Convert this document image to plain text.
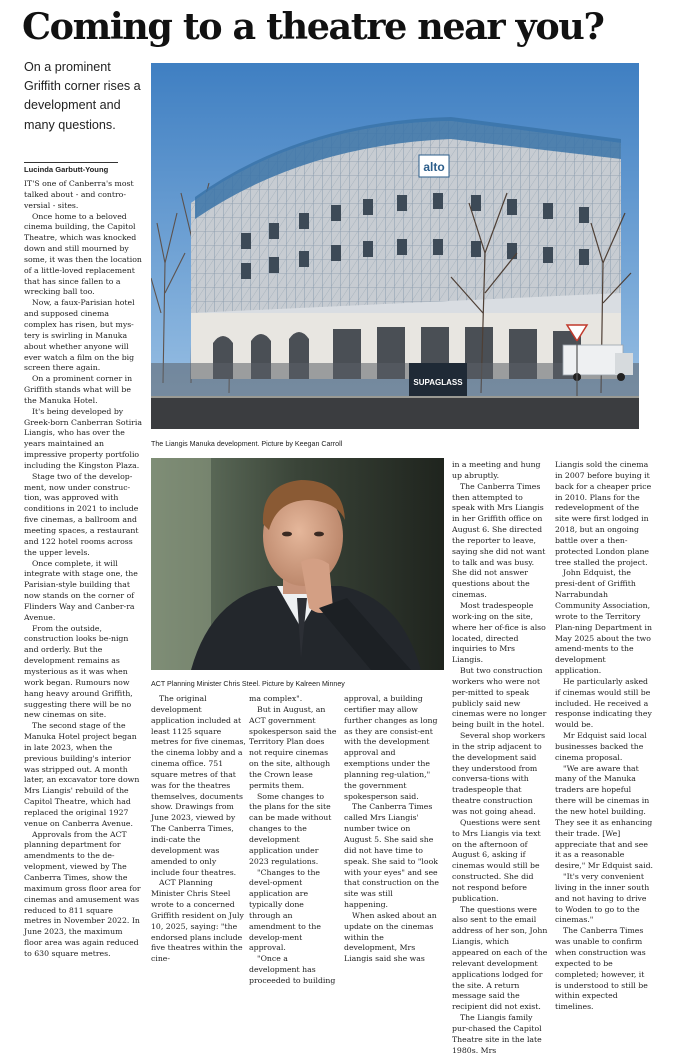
Coming to a theatre near you?
On a prominent Griffith corner rises a development and many questions.
Lucinda Garbutt-Young	alto
SUPAGLASS
The Liangis Manuka development. Picture by Keegan Carroll
ACT Planning Minister Chris Steel. Picture by Kalreen Minney

IT'S one of Canberra's most talked about - and contro-versial - sites.

Once home to a beloved cinema building, the Capitol Theatre, which was knocked down and still mourned by some, it was then the location of a little-loved replacement that has since fallen to a wrecking ball too.

Now, a faux-Parisian hotel and supposed cinema complex has risen, but mys-tery is swirling in Manuka about whether anyone will ever watch a film on the big screen there again.

On a prominent corner in Griffith stands what will be the Manuka Hotel.

It's being developed by Greek-born Canberran Sotiria Liangis, who has over the years maintained an impressive property portfolio including the Kingston Plaza.

Stage two of the develop-ment, now under construc-tion, was approved with conditions in 2021 to include five cinemas, a ballroom and meeting spaces, a restaurant and 122 hotel rooms across the upper levels.

Once complete, it will integrate with stage one, the Parisian-style building that now stands on the corner of Flinders Way and Canber-ra Avenue.

From the outside, construction looks be-nign and orderly. But the development remains as mysterious as it was when work began. Rumours now hang heavy around Griffith, suggesting there will be no new cinemas on site.

The second stage of the Manuka Hotel project began in late 2023, when the previous building's interior was stripped out. A month later, an excavator tore down Mrs Liangis' rebuild of the Capitol Theatre, which had replaced the original 1927 venue on Canberra Avenue.

Approvals from the ACT planning department for amendments to the de-velopment, viewed by The Canberra Times, show the maximum gross floor area for cinemas and amusement was reduced to 811 square metres in November 2022. In June 2023, the maximum floor area was again reduced to 630 square metres.

The original development application included at least 1125 square metres for five cinemas, the cinema lobby and a cinema office. 751 square metres of that was for the theatres themselves, documents show. Drawings from June 2023, viewed by The Canberra Times, indi-cate the development was amended to only include four theatres.

ACT Planning Minister Chris Steel wrote to a concerned Griffith resident on July 10, 2025, saying: "the endorsed plans include five theatres within the cine-

ma complex".

But in August, an ACT government spokesperson said the Territory Plan does not require cinemas on the site, although the Crown lease permits them.

Some changes to the plans for the site can be made without changes to the development application under 2023 regulations.

"Changes to the devel-opment application are typically done through an amendment to the develop-ment approval.

"Once a development has proceeded to building

approval, a building certifier may allow further changes as long as they are consist-ent with the development approval and exemptions under the planning reg-ulation," the government spokesperson said.

The Canberra Times called Mrs Liangis' number twice on August 5. She said she did not have time to speak. She said to "look with your eyes" and see that construction on the site was still happening.

When asked about an update on the cinemas within the development, Mrs Liangis said she was

in a meeting and hung up abruptly.

The Canberra Times then attempted to speak with Mrs Liangis in her Griffith office on August 6. She directed the reporter to leave, saying she did not want to talk and was busy. She did not answer questions about the cinemas.

Most tradespeople work-ing on the site, where her of-fice is also located, directed inquiries to Mrs Liangis.

But two construction workers who were not per-mitted to speak publicly said new cinemas were no longer being built in the hotel.

Several shop workers in the strip adjacent to the development said they understood from conversa-tions with tradespeople that theatre construction was not going ahead.

Questions were sent to Mrs Liangis via text on the afternoon of August 6, asking if cinemas would still be constructed. She did not respond before publication.

The questions were also sent to the email address of her son, John Liangis, which appeared on each of the relevant development applications lodged for the site. A return message said the recipient did not exist.

The Liangis family pur-chased the Capitol Theatre site in the late 1980s. Mrs

Liangis sold the cinema in 2007 before buying it back for a cheaper price in 2010. Plans for the redevelopment of the site were first lodged in 2018, but an ongoing battle over a then-protected London plane tree stalled the project.

John Edquist, the presi-dent of Griffith Narrabundah Community Association, wrote to the Territory Plan-ning Department in May 2025 about the two amend-ments to the development application.

He particularly asked if cinemas would still be included. He received a response indicating they would be.

Mr Edquist said local businesses backed the cinema proposal.

"We are aware that many of the Manuka traders are hopeful there will be cinemas in the new hotel building. They see it as enhancing their trade. [We] appreciate that and see it as a reasonable desire," Mr Edquist said.

"It's very convenient living in the inner south and not having to drive to Woden to go to the cinemas."

The Canberra Times was unable to confirm when construction was expected to be completed; however, it is understood to still be within expected timelines.
